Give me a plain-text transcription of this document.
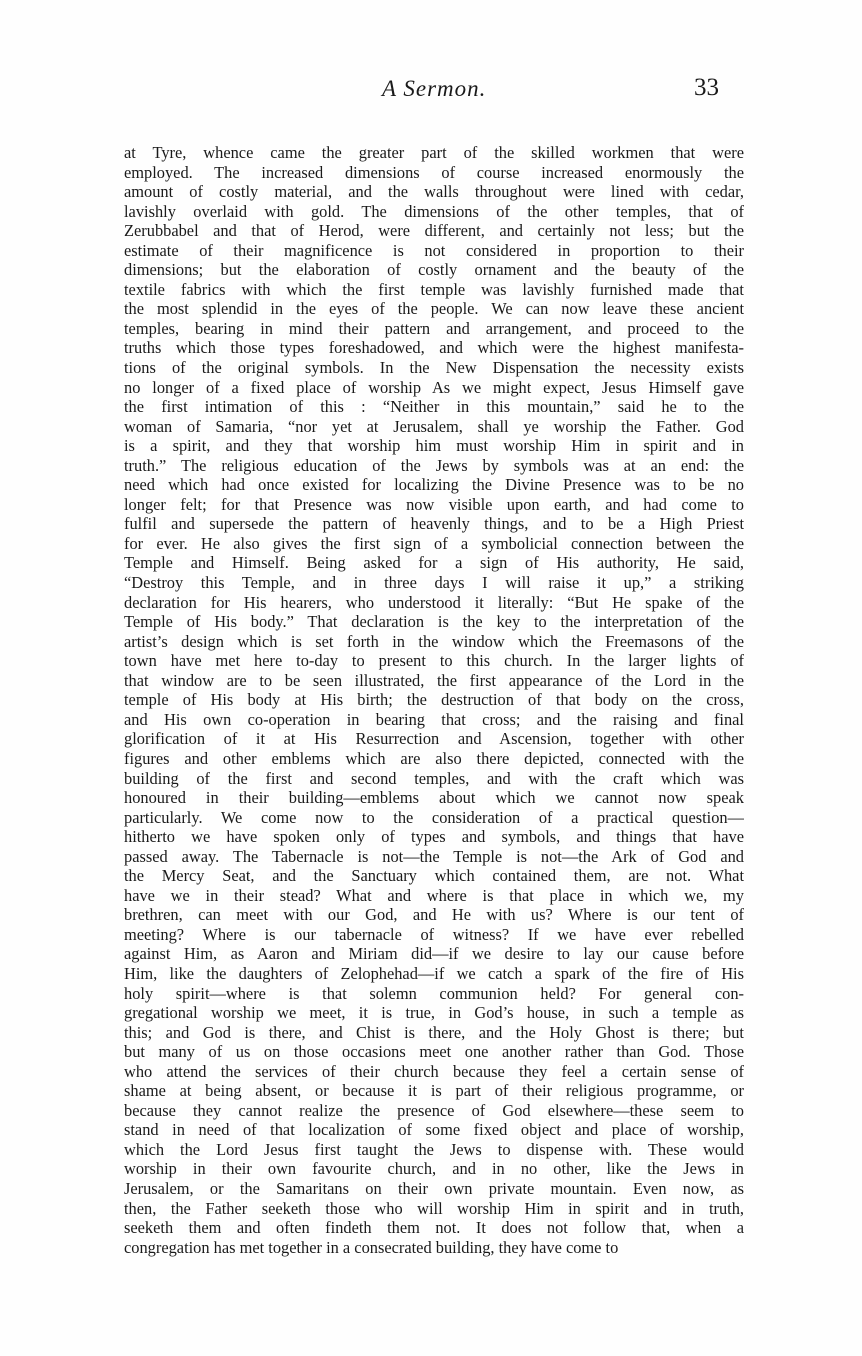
A Sermon.	33
at Tyre, whence came the greater part of the skilled workmen that were
employed. The increased dimensions of course increased enormously the
amount of costly material, and the walls throughout were lined with cedar,
lavishly overlaid with gold. The dimensions of the other temples, that of
Zerubbabel and that of Herod, were different, and certainly not less; but the
estimate of their magnificence is not considered in proportion to their
dimensions; but the elaboration of costly ornament and the beauty of the
textile fabrics with which the first temple was lavishly furnished made that
the most splendid in the eyes of the people. We can now leave these ancient
temples, bearing in mind their pattern and arrangement, and proceed to the
truths which those types foreshadowed, and which were the highest manifesta-
tions of the original symbols. In the New Dispensation the necessity exists
no longer of a fixed place of worship As we might expect, Jesus Himself gave
the first intimation of this : “Neither in this mountain,” said he to the
woman of Samaria, “nor yet at Jerusalem, shall ye worship the Father. God
is a spirit, and they that worship him must worship Him in spirit and in
truth.” The religious education of the Jews by symbols was at an end: the
need which had once existed for localizing the Divine Presence was to be no
longer felt; for that Presence was now visible upon earth, and had come to
fulfil and supersede the pattern of heavenly things, and to be a High Priest
for ever. He also gives the first sign of a symbolicial connection between the
Temple and Himself. Being asked for a sign of His authority, He said,
“Destroy this Temple, and in three days I will raise it up,” a striking
declaration for His hearers, who understood it literally: “But He spake of the
Temple of His body.” That declaration is the key to the interpretation of the
artist’s design which is set forth in the window which the Freemasons of the
town have met here to-day to present to this church. In the larger lights of
that window are to be seen illustrated, the first appearance of the Lord in the
temple of His body at His birth; the destruction of that body on the cross,
and His own co-operation in bearing that cross; and the raising and final
glorification of it at His Resurrection and Ascension, together with other
figures and other emblems which are also there depicted, connected with the
building of the first and second temples, and with the craft which was
honoured in their building—emblems about which we cannot now speak
particularly. We come now to the consideration of a practical question—
hitherto we have spoken only of types and symbols, and things that have
passed away. The Tabernacle is not—the Temple is not—the Ark of God and
the Mercy Seat, and the Sanctuary which contained them, are not. What
have we in their stead? What and where is that place in which we, my
brethren, can meet with our God, and He with us? Where is our tent of
meeting? Where is our tabernacle of witness? If we have ever rebelled
against Him, as Aaron and Miriam did—if we desire to lay our cause before
Him, like the daughters of Zelophehad—if we catch a spark of the fire of His
holy spirit—where is that solemn communion held? For general con-
gregational worship we meet, it is true, in God’s house, in such a temple as
this; and God is there, and Chist is there, and the Holy Ghost is there; but
but many of us on those occasions meet one another rather than God. Those
who attend the services of their church because they feel a certain sense of
shame at being absent, or because it is part of their religious programme, or
because they cannot realize the presence of God elsewhere—these seem to
stand in need of that localization of some fixed object and place of worship,
which the Lord Jesus first taught the Jews to dispense with. These would
worship in their own favourite church, and in no other, like the Jews in
Jerusalem, or the Samaritans on their own private mountain. Even now, as
then, the Father seeketh those who will worship Him in spirit and in truth,
seeketh them and often findeth them not. It does not follow that, when a
congregation has met together in a consecrated building, they have come to
